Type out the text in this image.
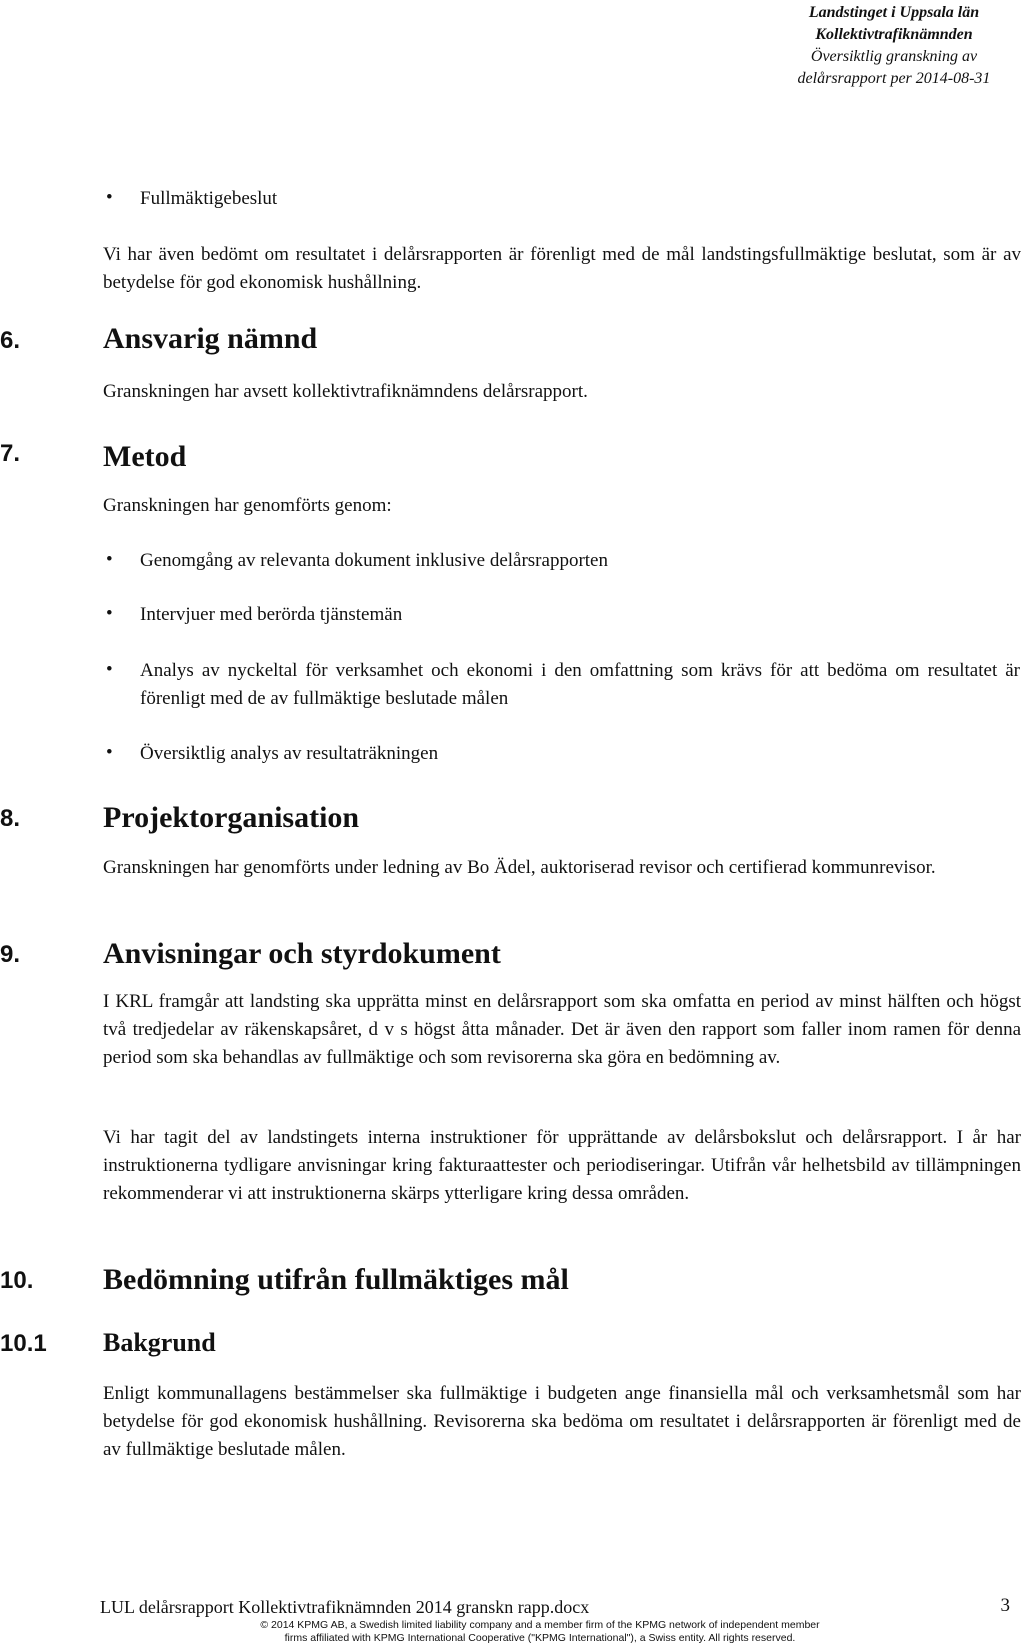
Landstinget i Uppsala län
Kollektivtrafiknämnden
Översiktlig granskning av
delårsrapport per 2014-08-31
• Fullmäktigebeslut
Vi har även bedömt om resultatet i delårsrapporten är förenligt med de mål landstingsfullmäktige beslutat, som är av betydelse för god ekonomisk hushållning.
6.	Ansvarig nämnd
Granskningen har avsett kollektivtrafiknämndens delårsrapport.
7.	Metod
Granskningen har genomförts genom:
• Genomgång av relevanta dokument inklusive delårsrapporten
• Intervjuer med berörda tjänstemän
• Analys av nyckeltal för verksamhet och ekonomi i den omfattning som krävs för att bedöma om resultatet är förenligt med de av fullmäktige beslutade målen
• Översiktlig analys av resultaträkningen
8.	Projektorganisation
Granskningen har genomförts under ledning av Bo Ädel, auktoriserad revisor och certifierad kommunrevisor.
9.	Anvisningar och styrdokument
I KRL framgår att landsting ska upprätta minst en delårsrapport som ska omfatta en period av minst hälften och högst två tredjedelar av räkenskapsåret, d v s högst åtta månader. Det är även den rapport som faller inom ramen för denna period som ska behandlas av fullmäktige och som revisorerna ska göra en bedömning av.
Vi har tagit del av landstingets interna instruktioner för upprättande av delårsbokslut och delårsrapport. I år har instruktionerna tydligare anvisningar kring fakturaattester och periodiseringar. Utifrån vår helhetsbild av tillämpningen rekommenderar vi att instruktionerna skärps ytterligare kring dessa områden.
10. Bedömning utifrån fullmäktiges mål
10.1 Bakgrund
Enligt kommunallagens bestämmelser ska fullmäktige i budgeten ange finansiella mål och verksamhetsmål som har betydelse för god ekonomisk hushållning. Revisorerna ska bedöma om resultatet i delårsrapporten är förenligt med de av fullmäktige beslutade målen.
LUL delårsrapport Kollektivtrafiknämnden 2014 granskn rapp.docx	3
© 2014 KPMG AB, a Swedish limited liability company and a member firm of the KPMG network of independent member firms affiliated with KPMG International Cooperative ("KPMG International"), a Swiss entity. All rights reserved.
